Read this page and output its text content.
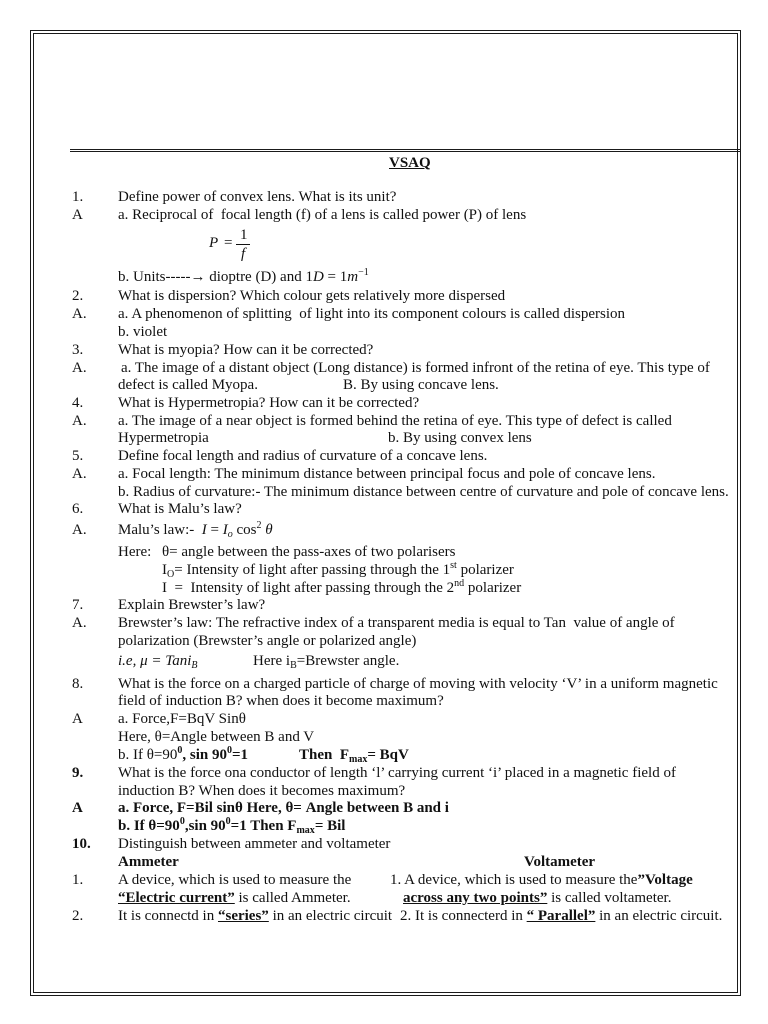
VSAQ
1. Define power of convex lens. What is its unit?
A a. Reciprocal of  focal length (f) of a lens is called power (P) of lens
P = 1
f
b. Units-----→ dioptre (D) and $1D = 1m^{-1}$
2. What is dispersion? Which colour gets relatively more dispersed
A. a. A phenomenon of splitting  of light into its component colours is called dispersion
b. violet
3. What is myopia? How can it be corrected?
A. a. The image of a distant object (Long distance) is formed infront of the retina of eye. This type of
defect is called Myopa.	B. By using concave lens.
4. What is Hypermetropia? How can it be corrected?
A. a. The image of a near object is formed behind the retina of eye. This type of defect is called
Hypermetropia	b. By using convex lens
5. Define focal length and radius of curvature of a concave lens.
A. a. Focal length: The minimum distance between principal focus and pole of concave lens.
b. Radius of curvature:- The minimum distance between centre of curvature and pole of concave lens.
6. What is Malu’s law?
A. Malu’s law:-  $I = I_o$ $\cos^2 \theta$
Here: θ= angle between the pass-axes of two polarisers
$I_O=$ Intensity of light after passing through the 1st polarizer
I  =  Intensity of light after passing through the 2nd polarizer
7. Explain Brewster’s law?
A. Brewster’s law: The refractive index of a transparent media is equal to Tan  value of angle of
polarization (Brewster’s angle or polarized angle)
i.e, μ = Tani$_B$	Here $i_B=Brewster$ angle.
8. What is the force on a charged particle of charge of moving with velocity ‘V’ in a uniform magnetic
field of induction B? when does it become maximum?
A a. Force,F=BqV Sinθ
Here, θ=Angle between B and V
b. If $\theta=90^0$, $\sin 90^0=1$	Then  $F_{max}=$ BqV
9. What is the force ona conductor of length ‘l’ carrying current ‘i’ placed in a magnetic field of
induction B? When does it becomes maximum?
A a. Force, F=Bil sinθ Here, θ= Angle between B and i
b. If $\theta=90^0,\sin$ $90^0=1$ Then $F_{max}=$ Bil
10. Distinguish between ammeter and voltameter
Ammeter	Voltameter
1. A device, which is used to measure the	1. A device, which is used to measure the”Voltage
“Electric current” is called Ammeter.	across any two points” is called voltameter.
2. It is connectd in “series” in an electric circuit 2. It is connecterd in “ Parallel” in an electric circuit.
